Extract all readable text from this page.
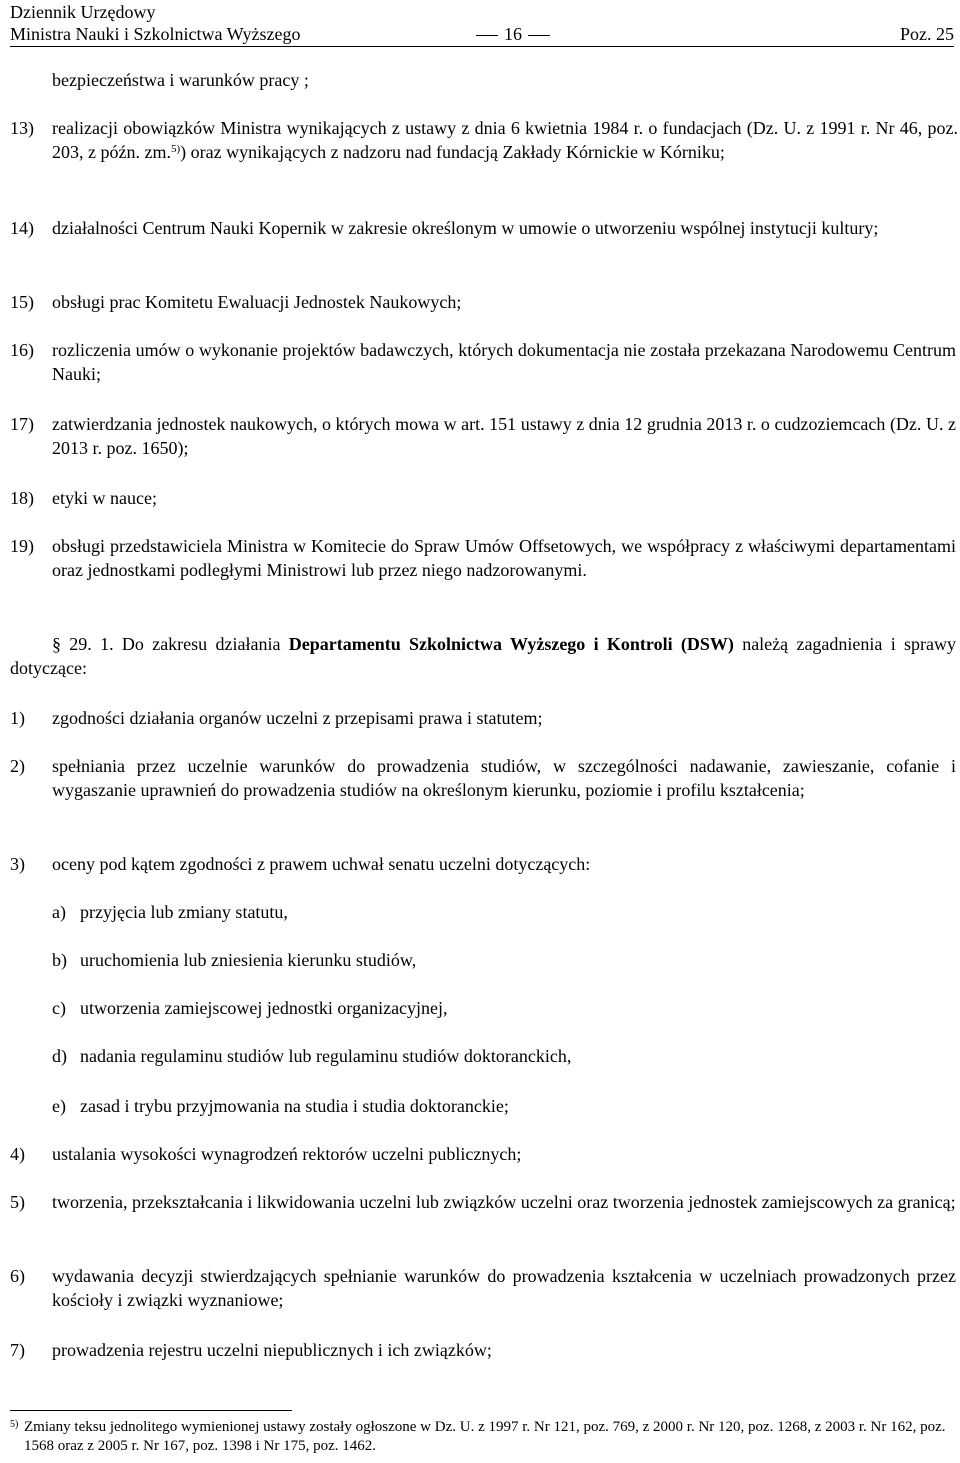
Dziennik Urzędowy
Ministra Nauki i Szkolnictwa Wyższego	16	Poz. 25
bezpieczeństwa i warunków pracy ;
13) realizacji obowiązków Ministra wynikających z ustawy z dnia 6 kwietnia 1984 r. o fundacjach (Dz. U. z 1991 r. Nr 46, poz. 203, z późn. zm.$^{5)}$) oraz wynikających z nadzoru nad fundacją Zakłady Kórnickie w Kórniku;
14) działalności Centrum Nauki Kopernik w zakresie określonym w umowie o utworzeniu wspólnej instytucji kultury;
15) obsługi prac Komitetu Ewaluacji Jednostek Naukowych;
16) rozliczenia umów o wykonanie projektów badawczych, których dokumentacja nie została przekazana Narodowemu Centrum Nauki;
17) zatwierdzania jednostek naukowych, o których mowa w art. 151 ustawy z dnia 12 grudnia 2013 r. o cudzoziemcach (Dz. U. z 2013 r. poz. 1650);
18) etyki w nauce;
19) obsługi przedstawiciela Ministra w Komitecie do Spraw Umów Offsetowych, we współpracy z właściwymi departamentami oraz jednostkami podległymi Ministrowi lub przez niego nadzorowanymi.
§ 29. 1. Do zakresu działania Departamentu Szkolnictwa Wyższego i Kontroli (DSW) należą zagadnienia i sprawy dotyczące:
1) zgodności działania organów uczelni z przepisami prawa i statutem;
2) spełniania przez uczelnie warunków do prowadzenia studiów, w szczególności nadawanie, zawieszanie, cofanie i wygaszanie uprawnień do prowadzenia studiów na określonym kierunku, poziomie i profilu kształcenia;
3) oceny pod kątem zgodności z prawem uchwał senatu uczelni dotyczących:
a) przyjęcia lub zmiany statutu,
b) uruchomienia lub zniesienia kierunku studiów,
c) utworzenia zamiejscowej jednostki organizacyjnej,
d) nadania regulaminu studiów lub regulaminu studiów doktoranckich,
e) zasad i trybu przyjmowania na studia i studia doktoranckie;
4) ustalania wysokości wynagrodzeń rektorów uczelni publicznych;
5) tworzenia, przekształcania i likwidowania uczelni lub związków uczelni oraz tworzenia jednostek zamiejscowych za granicą;
6) wydawania decyzji stwierdzających spełnianie warunków do prowadzenia kształcenia w uczelniach prowadzonych przez kościoły i związki wyznaniowe;
7) prowadzenia rejestru uczelni niepublicznych i ich związków;
5) Zmiany teksu jednolitego wymienionej ustawy zostały ogłoszone w Dz. U. z 1997 r. Nr 121, poz. 769, z 2000 r. Nr 120, poz. 1268, z 2003 r. Nr 162, poz. 1568 oraz z 2005 r. Nr 167, poz. 1398 i Nr 175, poz. 1462.
